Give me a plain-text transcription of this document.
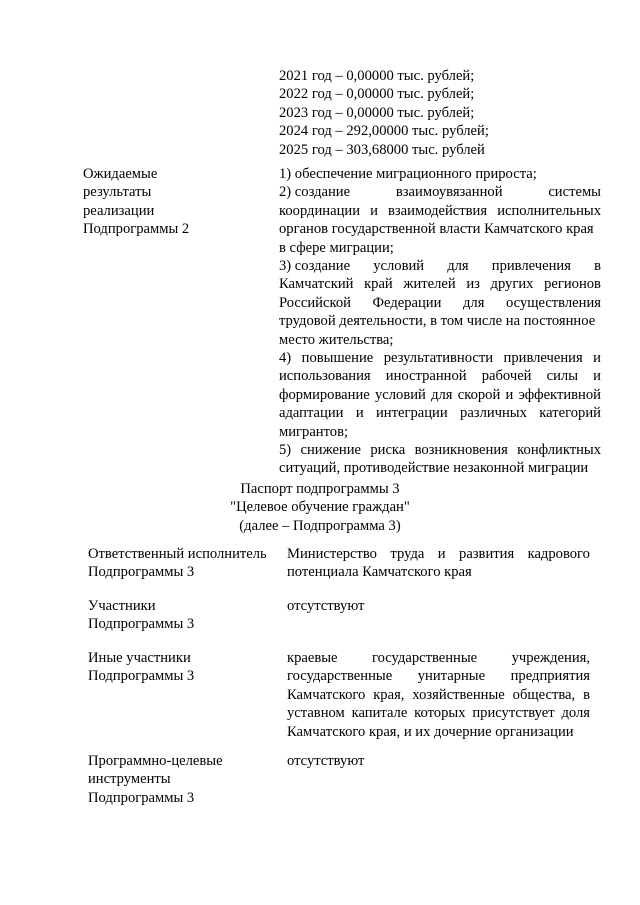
2021 год – 0,00000 тыс. рублей;
2022 год – 0,00000 тыс. рублей;
2023 год – 0,00000 тыс. рублей;
2024 год – 292,00000 тыс. рублей;
2025 год – 303,68000 тыс. рублей
Ожидаемые
результаты
реализации
Подпрограммы 2
1) обеспечение миграционного прироста;
2) создание	взаимоувязанной	системы
координации и взаимодействия исполнительных
органов государственной власти Камчатского края
в сфере миграции;
3) создание условий для привлечения в
Камчатский край жителей из других регионов
Российской Федерации для осуществления
трудовой деятельности, в том числе на постоянное
место жительства;
4) повышение результативности привлечения и
использования иностранной рабочей силы и
формирование условий для скорой и эффективной
адаптации и интеграции различных категорий
мигрантов;
5) снижение риска возникновения конфликтных
ситуаций, противодействие незаконной миграции
Паспорт подпрограммы 3
"Целевое обучение граждан"
(далее – Подпрограмма 3)
Ответственный исполнитель
Подпрограммы 3
Министерство труда и развития кадрового
потенциала Камчатского края
Участники
Подпрограммы 3
отсутствуют
Иные участники
Подпрограммы 3
краевые государственные учреждения,
государственные унитарные предприятия
Камчатского края, хозяйственные общества, в
уставном капитале которых присутствует доля
Камчатского края, и их дочерние организации
Программно-целевые
инструменты
Подпрограммы 3
отсутствуют
